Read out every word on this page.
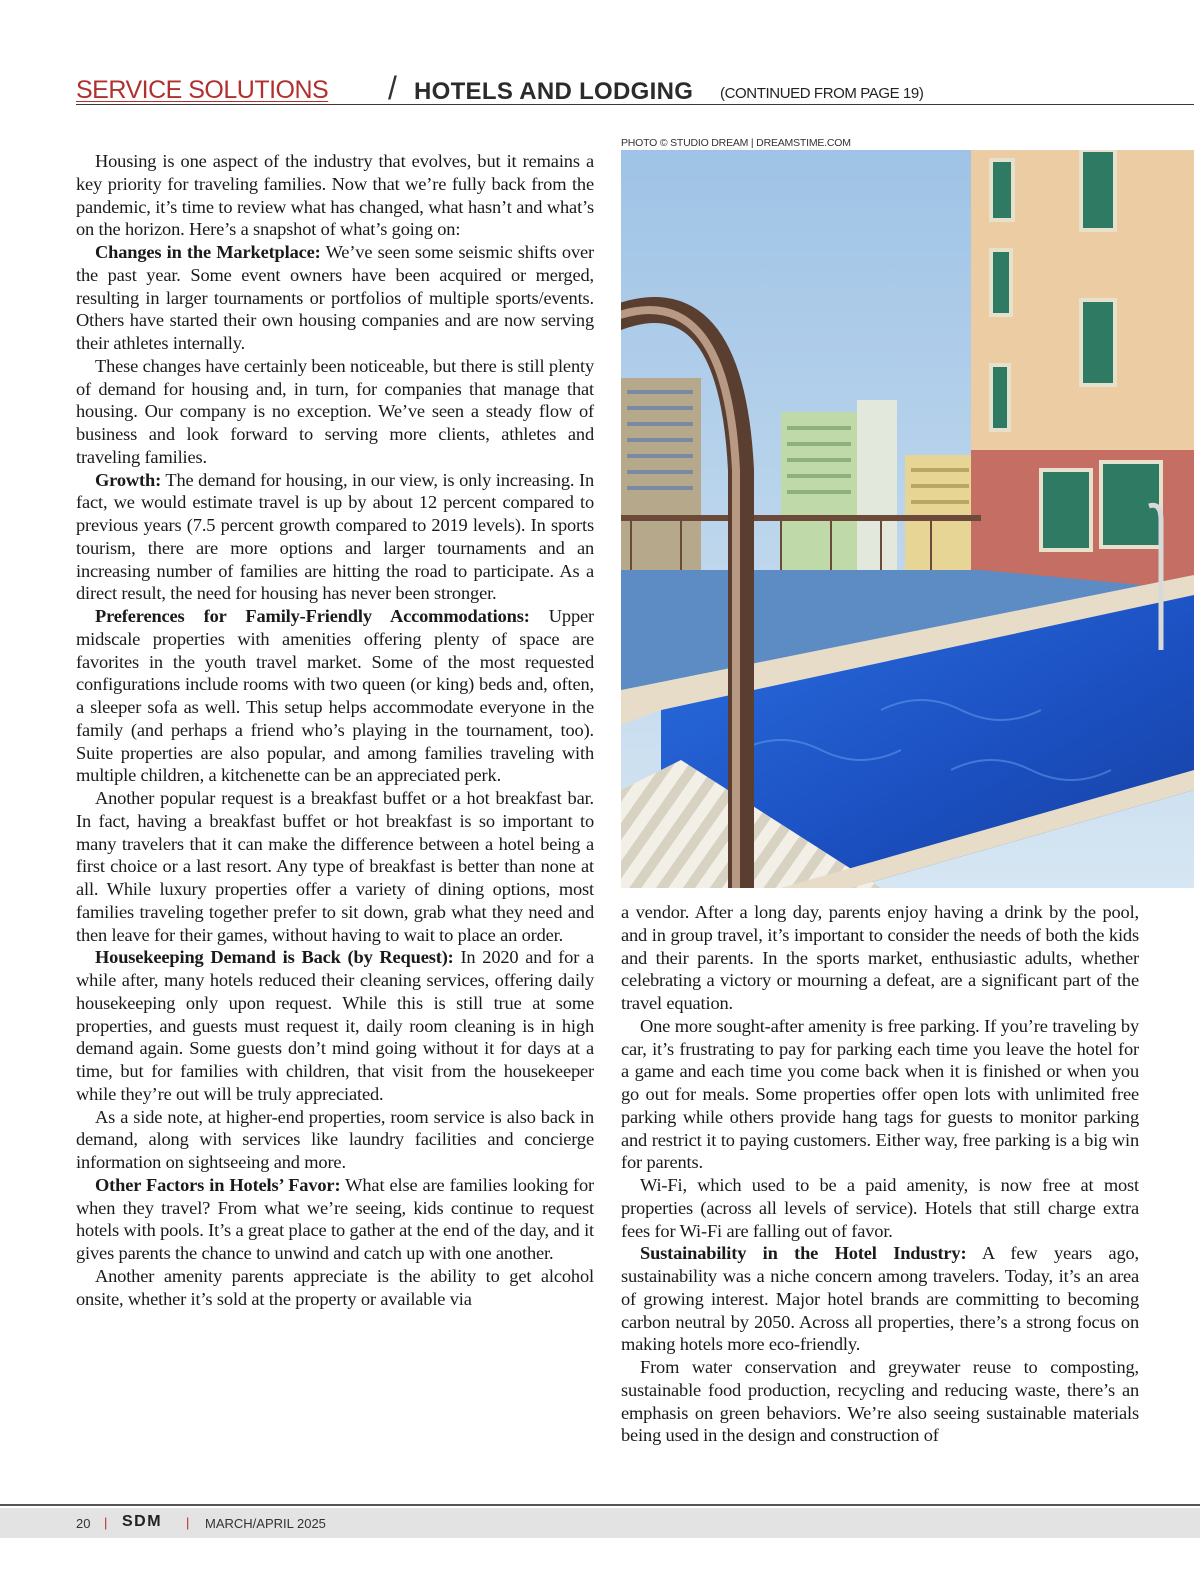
SERVICE SOLUTIONS / HOTELS AND LODGING (CONTINUED FROM PAGE 19)

Housing is one aspect of the industry that evolves, but it remains a key priority for traveling families. Now that we’re fully back from the pandemic, it’s time to review what has changed, what hasn’t and what’s on the horizon. Here’s a snapshot of what’s going on:

Changes in the Marketplace: We’ve seen some seismic shifts over the past year. Some event owners have been acquired or merged, resulting in larger tournaments or portfolios of multiple sports/events. Others have started their own housing companies and are now serving their athletes internally.

These changes have certainly been noticeable, but there is still plenty of demand for housing and, in turn, for companies that manage that housing. Our company is no exception. We’ve seen a steady flow of business and look forward to serving more clients, athletes and traveling families.

Growth: The demand for housing, in our view, is only increasing. In fact, we would estimate travel is up by about 12 percent compared to previous years (7.5 percent growth compared to 2019 levels). In sports tourism, there are more options and larger tournaments and an increasing number of families are hitting the road to participate. As a direct result, the need for housing has never been stronger.

Preferences for Family-Friendly Accommodations: Upper midscale properties with amenities offering plenty of space are favorites in the youth travel market. Some of the most requested configurations include rooms with two queen (or king) beds and, often, a sleeper sofa as well. This setup helps accommodate everyone in the family (and perhaps a friend who’s playing in the tournament, too). Suite properties are also popular, and among families traveling with multiple children, a kitchenette can be an appreciated perk.

Another popular request is a breakfast buffet or a hot breakfast bar. In fact, having a breakfast buffet or hot breakfast is so important to many travelers that it can make the difference between a hotel being a first choice or a last resort. Any type of breakfast is better than none at all. While luxury properties offer a variety of dining options, most families traveling together prefer to sit down, grab what they need and then leave for their games, without having to wait to place an order.

Housekeeping Demand is Back (by Request): In 2020 and for a while after, many hotels reduced their cleaning services, offering daily housekeeping only upon request. While this is still true at some properties, and guests must request it, daily room cleaning is in high demand again. Some guests don’t mind going without it for days at a time, but for families with children, that visit from the housekeeper while they’re out will be truly appreciated.

As a side note, at higher-end properties, room service is also back in demand, along with services like laundry facilities and concierge information on sightseeing and more.

Other Factors in Hotels’ Favor: What else are families looking for when they travel? From what we’re seeing, kids continue to request hotels with pools. It’s a great place to gather at the end of the day, and it gives parents the chance to unwind and catch up with one another.

Another amenity parents appreciate is the ability to get alcohol onsite, whether it’s sold at the property or available via

PHOTO © STUDIO DREAM | DREAMSTIME.COM

a vendor. After a long day, parents enjoy having a drink by the pool, and in group travel, it’s important to consider the needs of both the kids and their parents. In the sports market, enthusiastic adults, whether celebrating a victory or mourning a defeat, are a significant part of the travel equation.

One more sought-after amenity is free parking. If you’re traveling by car, it’s frustrating to pay for parking each time you leave the hotel for a game and each time you come back when it is finished or when you go out for meals. Some properties offer open lots with unlimited free parking while others provide hang tags for guests to monitor parking and restrict it to paying customers. Either way, free parking is a big win for parents.

Wi-Fi, which used to be a paid amenity, is now free at most properties (across all levels of service). Hotels that still charge extra fees for Wi-Fi are falling out of favor.

Sustainability in the Hotel Industry: A few years ago, sustainability was a niche concern among travelers. Today, it’s an area of growing interest. Major hotel brands are committing to becoming carbon neutral by 2050. Across all properties, there’s a strong focus on making hotels more eco-friendly.

From water conservation and greywater reuse to composting, sustainable food production, recycling and reducing waste, there’s an emphasis on green behaviors. We’re also seeing sustainable materials being used in the design and construction of

20 | SDM | MARCH/APRIL 2025
